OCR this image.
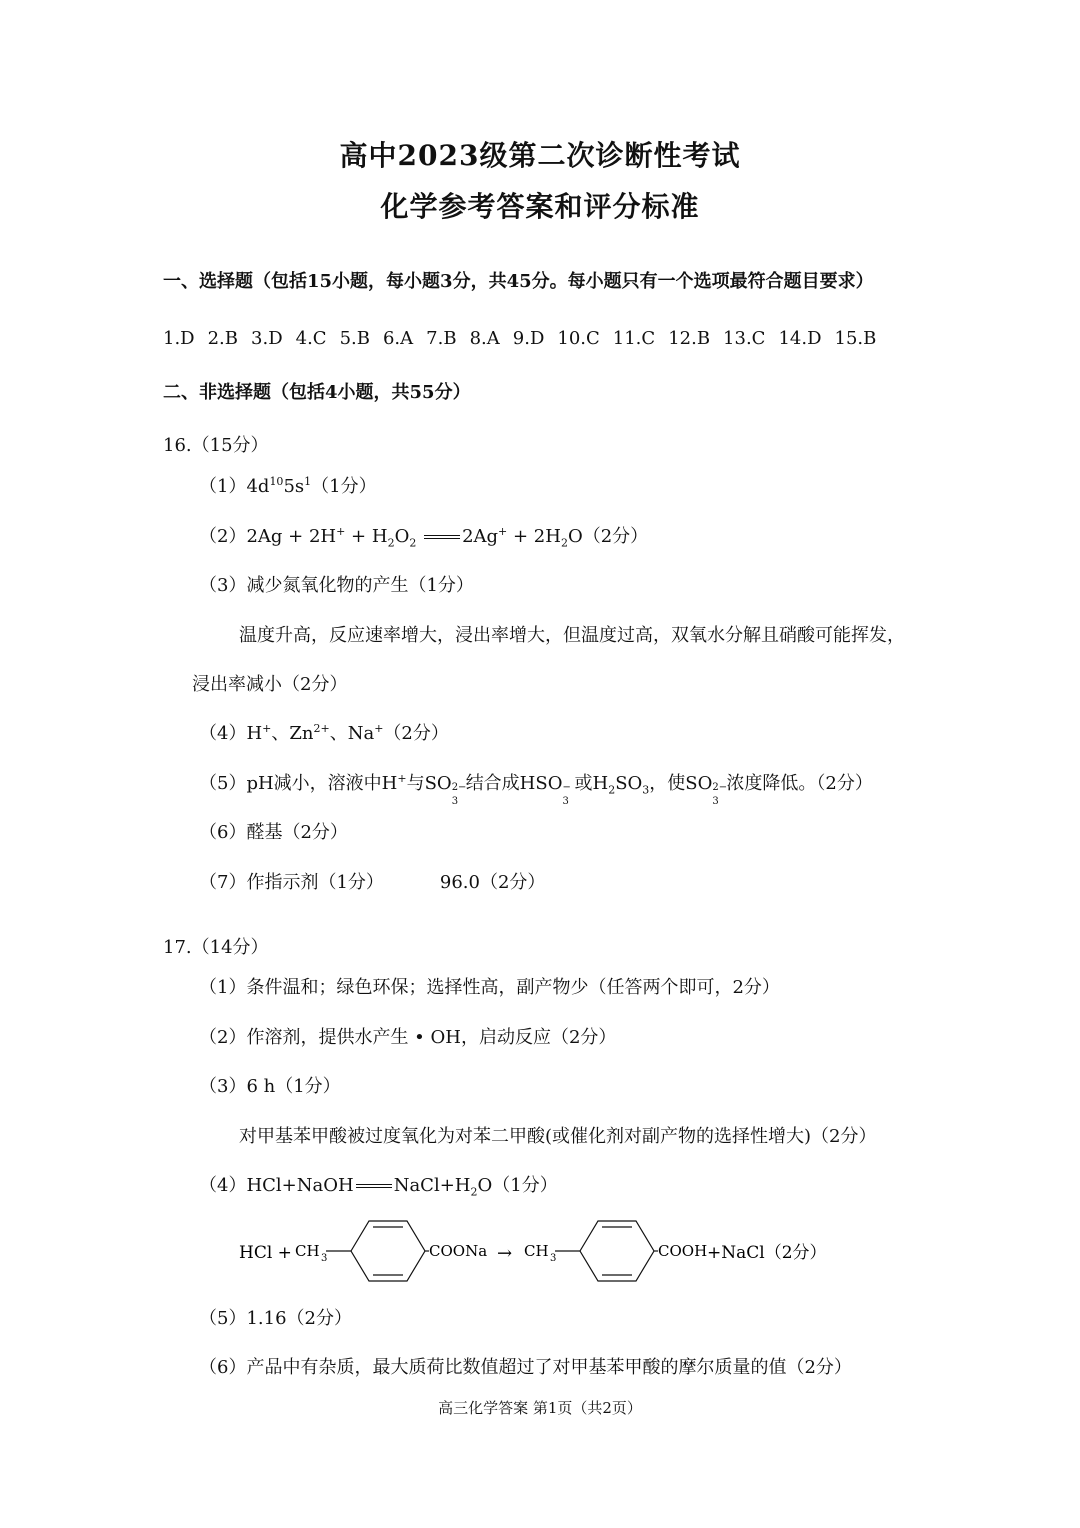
高中2023级第二次诊断性考试
化学参考答案和评分标准
一、选择题（包括15小题，每小题3分，共45分。每小题只有一个选项最符合题目要求）
1.D 2.B 3.D 4.C 5.B 6.A 7.B 8.A 9.D 10.C 11.C 12.B 13.C 14.D 15.B
二、非选择题（包括4小题，共55分）
16.（15分）
$(1)4d^{10}5s^1(1$分）
$(2)2Ag + 2H^+ + H_2O_2$	$2Ag^+ + 2H_2O(2$分）
（3）减少氮氧化物的产生（1分）
温度升高，反应速率增大，浸出率增大，但温度过高，双氧水分解且硝酸可能挥发，
浸出率减小（2分）
（4）H+、$Zn^{2+}$、Na+（2分）
（5）pH减小，溶液中H+与SO 2−
3
结合成HSO −
3
或$H_2SO_3$，使SO 2−
3
浓度降低。（2分）
（6）醛基（2分）
（7）作指示剂（1分）	96.0（2分）
17.（14分）
（1）条件温和；绿色环保；选择性高，副产物少（任答两个即可，2分）
（2）作溶剂，提供水产生 • OH，启动反应（2分）
（3）6 h（1分）
对甲基苯甲酸被过度氧化为对苯二甲酸(或催化剂对副产物的选择性增大)（2分）
（4）HCl+NaOH $NaCl+H_2O(1$分）
HCl + CH 3	COONa → CH 3	COOH +NaCl（2分）
（5）1.16（2分）
（6）产品中有杂质，最大质荷比数值超过了对甲基苯甲酸的摩尔质量的值（2分）
高三化学答案 第1页（共2页）
